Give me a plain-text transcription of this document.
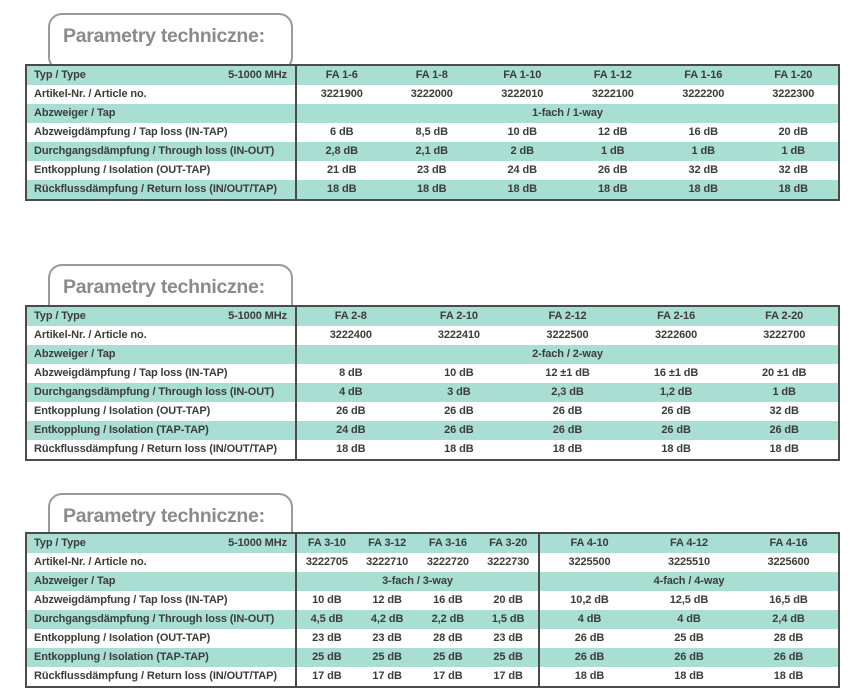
Parametry techniczne:
5-1000 MHz
Typ / Type	FA 1-6	FA 1-8	FA 1-10	FA 1-12	FA 1-16	FA 1-20
Artikel-Nr. / Article no.	3221900	3222000	3222010	3222100	3222200	3222300
Abzweiger / Tap	1-fach / 1-way					
Abzweigdämpfung / Tap loss (IN-TAP)	6 dB	8,5 dB	10 dB	12 dB	16 dB	20 dB
Durchgangsdämpfung / Through loss (IN-OUT)	2,8 dB	2,1 dB	2 dB	1 dB	1 dB	1 dB
Entkopplung / Isolation (OUT-TAP)	21 dB	23 dB	24 dB	26 dB	32 dB	32 dB
Rückflussdämpfung / Return loss (IN/OUT/TAP)	18 dB	18 dB	18 dB	18 dB	18 dB	18 dB
Parametry techniczne:
5-1000 MHz
Typ / Type	FA 2-8	FA 2-10	FA 2-12	FA 2-16	FA 2-20
Artikel-Nr. / Article no.	3222400	3222410	3222500	3222600	3222700
Abzweiger / Tap	2-fach / 2-way				
Abzweigdämpfung / Tap loss (IN-TAP)	8 dB	10 dB	12 ±1 dB	16 ±1 dB	20 ±1 dB
Durchgangsdämpfung / Through loss (IN-OUT)	4 dB	3 dB	2,3 dB	1,2 dB	1 dB
Entkopplung / Isolation (OUT-TAP)	26 dB	26 dB	26 dB	26 dB	32 dB
Entkopplung / Isolation (TAP-TAP)	24 dB	26 dB	26 dB	26 dB	26 dB
Rückflussdämpfung / Return loss (IN/OUT/TAP)	18 dB	18 dB	18 dB	18 dB	18 dB
Parametry techniczne:
5-1000 MHz
Typ / Type	FA 3-10	FA 3-12	FA 3-16	FA 3-20	FA 4-10	FA 4-12	FA 4-16
Artikel-Nr. / Article no.	3222705	3222710	3222720	3222730	3225500	3225510	3225600
Abzweiger / Tap	3-fach / 3-way				4-fach / 4-way		
Abzweigdämpfung / Tap loss (IN-TAP)	10 dB	12 dB	16 dB	20 dB	10,2 dB	12,5 dB	16,5 dB
Durchgangsdämpfung / Through loss (IN-OUT)	4,5 dB	4,2 dB	2,2 dB	1,5 dB	4 dB	4 dB	2,4 dB
Entkopplung / Isolation (OUT-TAP)	23 dB	23 dB	28 dB	23 dB	26 dB	25 dB	28 dB
Entkopplung / Isolation (TAP-TAP)	25 dB	25 dB	25 dB	25 dB	26 dB	26 dB	26 dB
Rückflussdämpfung / Return loss (IN/OUT/TAP)	17 dB	17 dB	17 dB	17 dB	18 dB	18 dB	18 dB
